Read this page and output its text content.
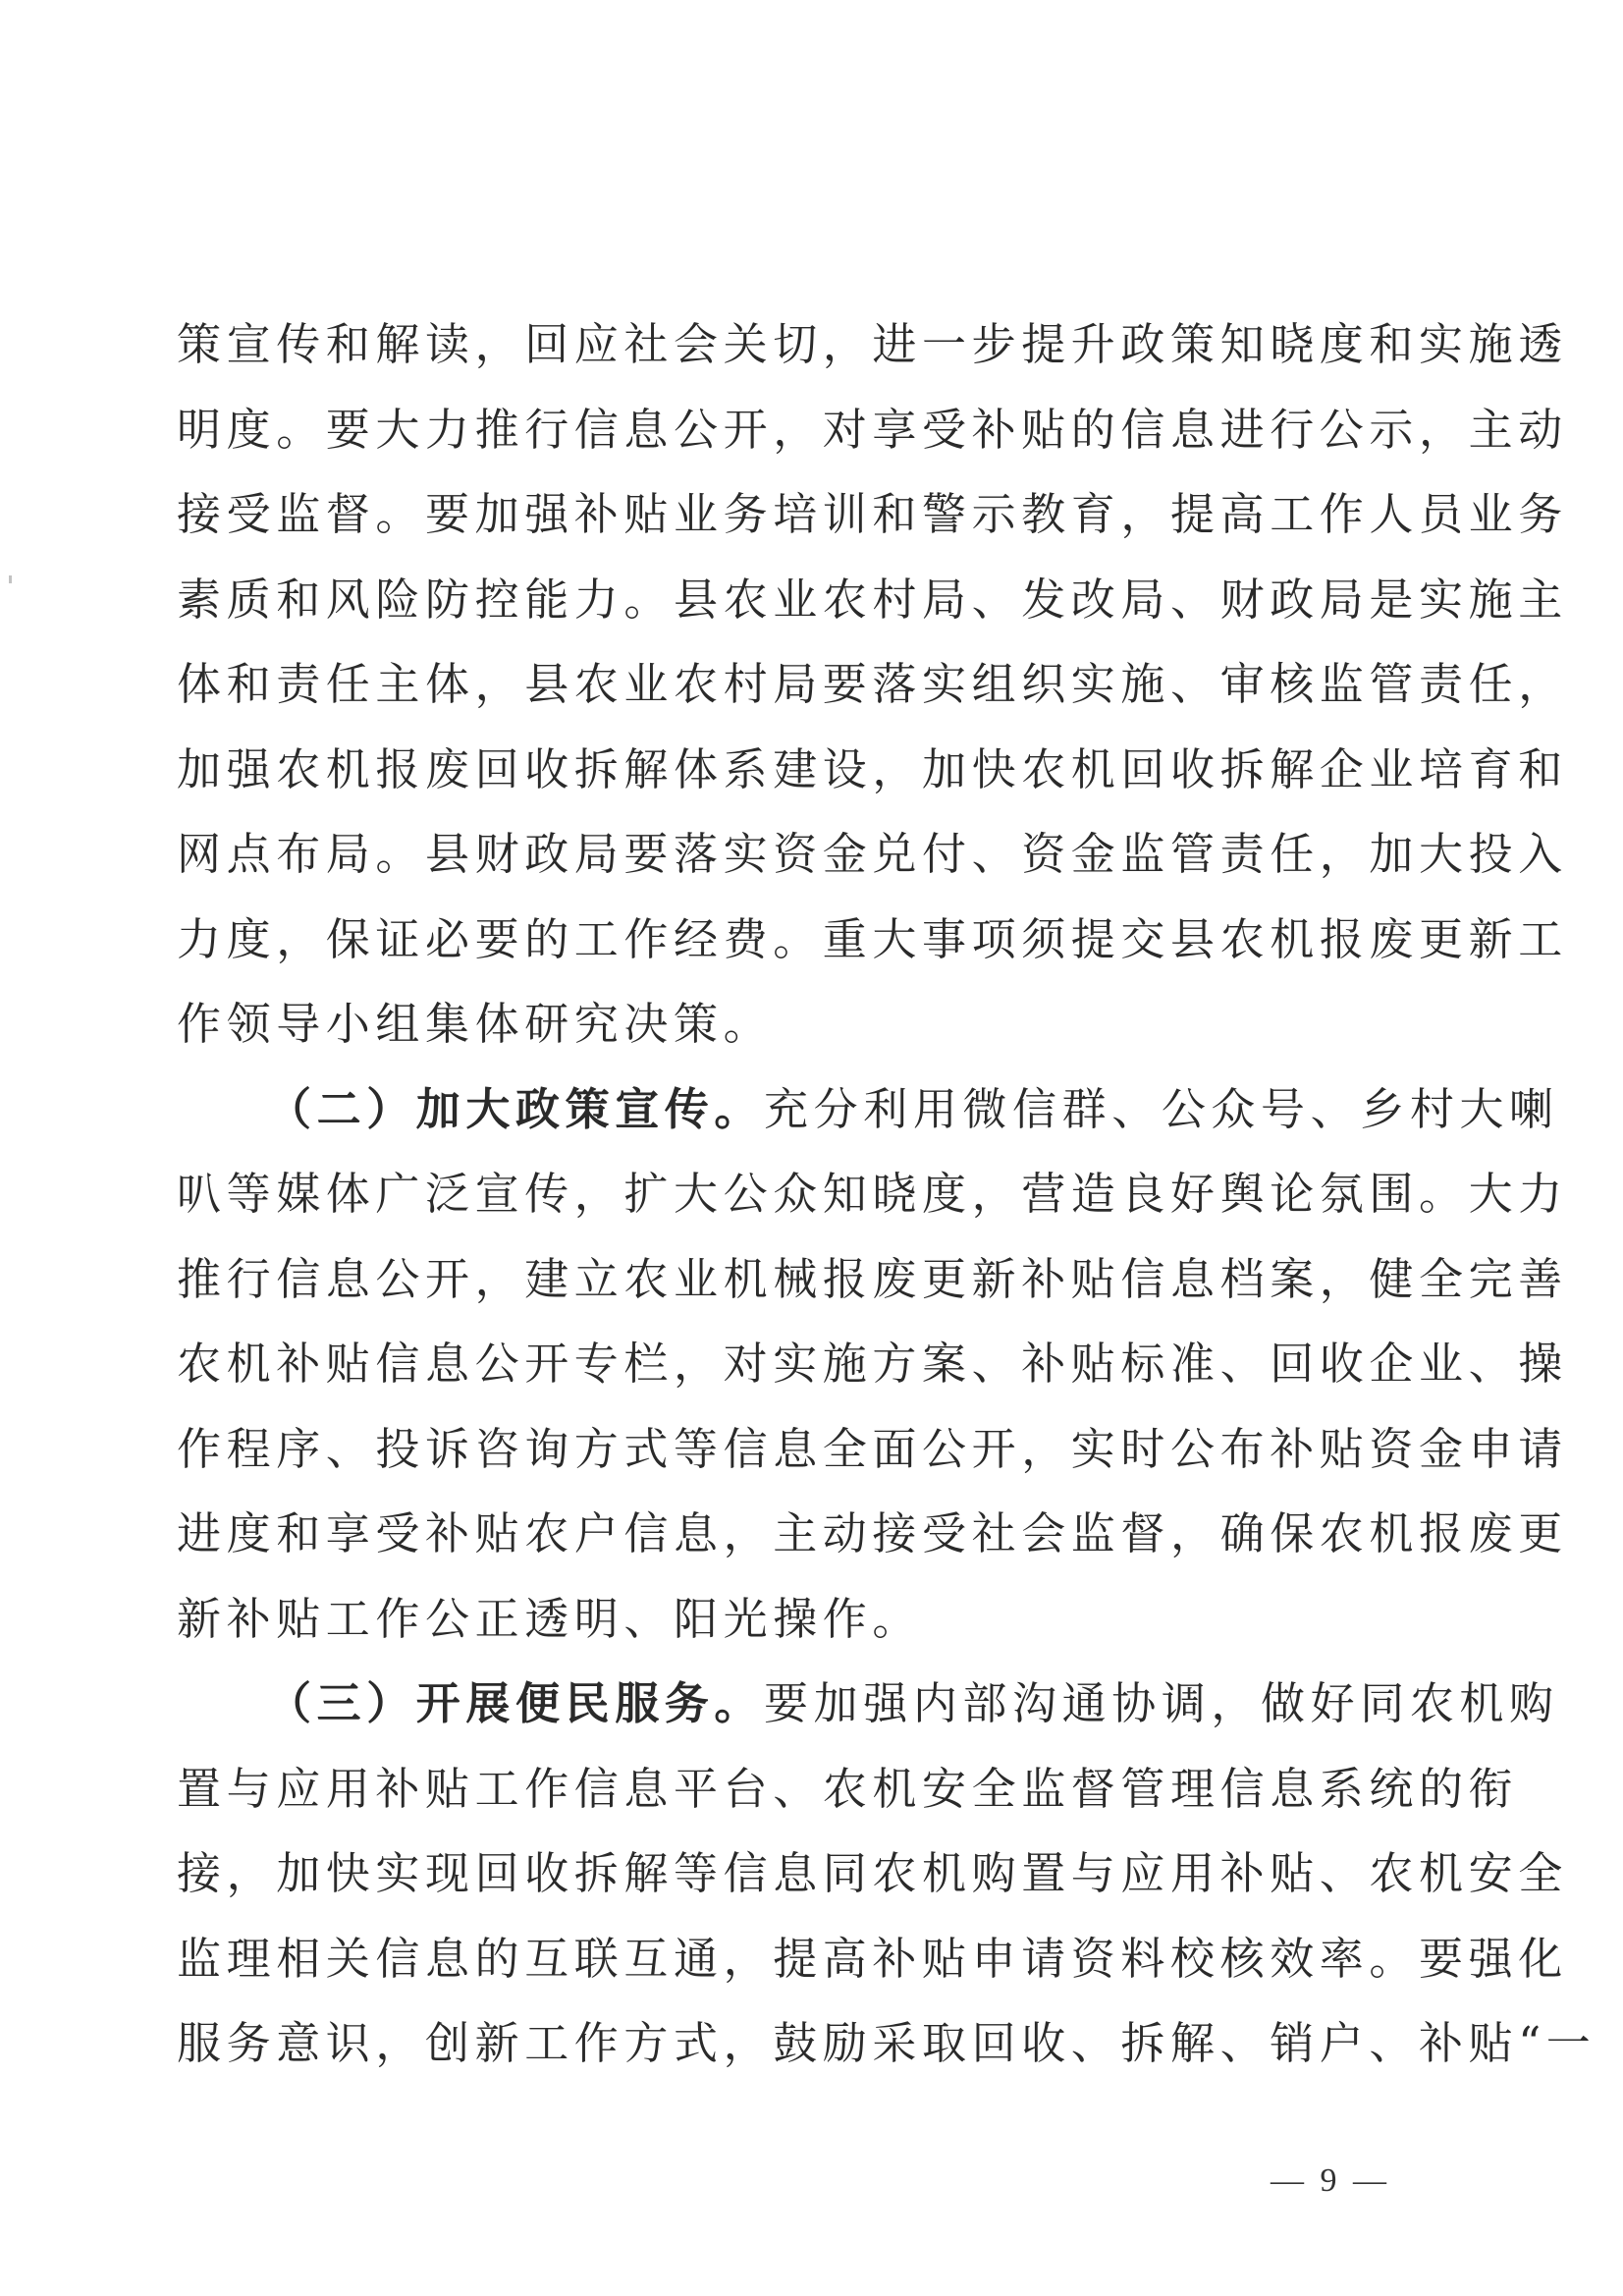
策宣传和解读，回应社会关切，进一步提升政策知晓度和实施透
明度。要大力推行信息公开，对享受补贴的信息进行公示，主动
接受监督。要加强补贴业务培训和警示教育，提高工作人员业务
素质和风险防控能力。县农业农村局、发改局、财政局是实施主
体和责任主体，县农业农村局要落实组织实施、审核监管责任，
加强农机报废回收拆解体系建设，加快农机回收拆解企业培育和
网点布局。县财政局要落实资金兑付、资金监管责任，加大投入
力度，保证必要的工作经费。重大事项须提交县农机报废更新工
作领导小组集体研究决策。
（二）加大政策宣传。充分利用微信群、公众号、乡村大喇
叭等媒体广泛宣传，扩大公众知晓度，营造良好舆论氛围。大力
推行信息公开，建立农业机械报废更新补贴信息档案，健全完善
农机补贴信息公开专栏，对实施方案、补贴标准、回收企业、操
作程序、投诉咨询方式等信息全面公开，实时公布补贴资金申请
进度和享受补贴农户信息，主动接受社会监督，确保农机报废更
新补贴工作公正透明、阳光操作。
（三）开展便民服务。要加强内部沟通协调，做好同农机购
置与应用补贴工作信息平台、农机安全监督管理信息系统的衔
接，加快实现回收拆解等信息同农机购置与应用补贴、农机安全
监理相关信息的互联互通，提高补贴申请资料校核效率。要强化
服务意识，创新工作方式，鼓励采取回收、拆解、销户、补贴“一
— 9 —
